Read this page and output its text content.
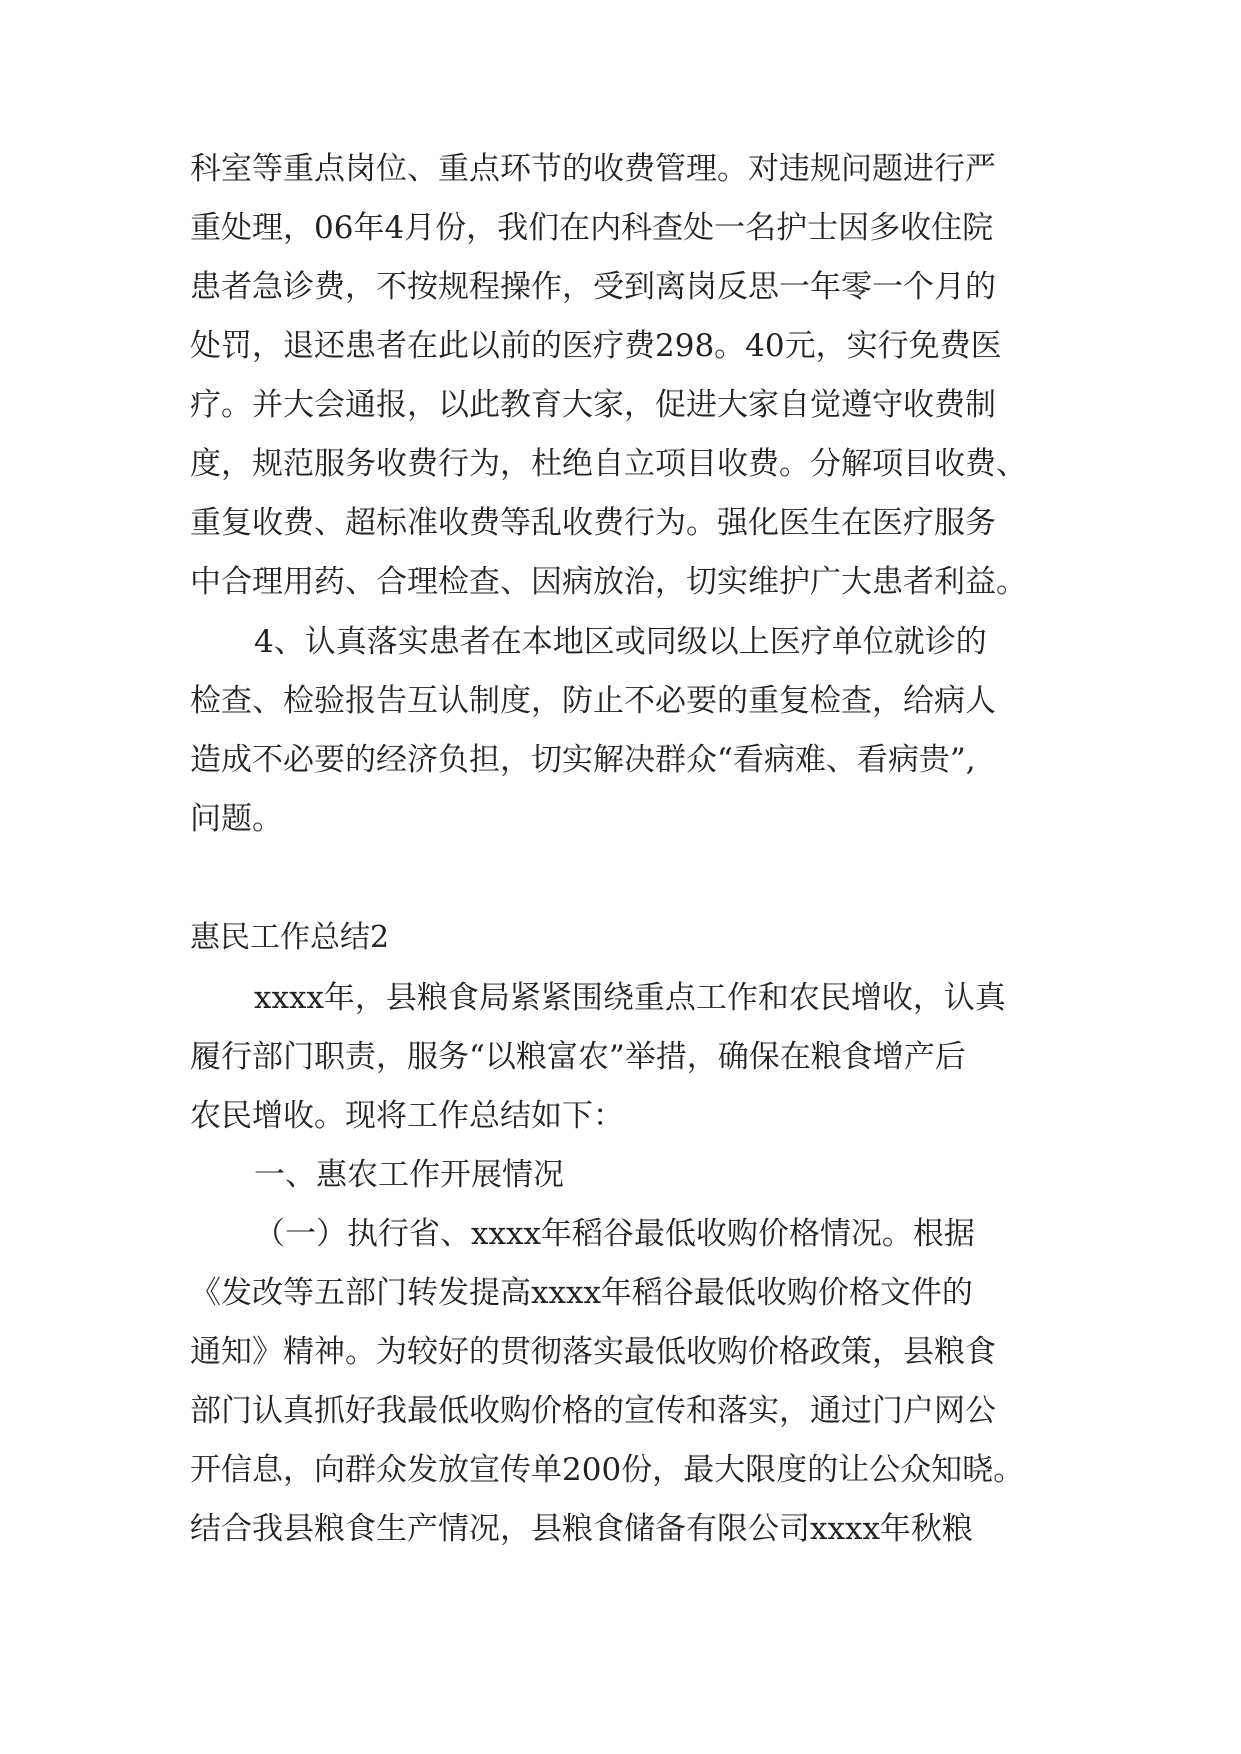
科室等重点岗位、重点环节的收费管理。对违规问题进行严
重处理，06年4月份，我们在内科查处一名护士因多收住院
患者急诊费，不按规程操作，受到离岗反思一年零一个月的
处罚，退还患者在此以前的医疗费298。40元，实行免费医
疗。并大会通报，以此教育大家，促进大家自觉遵守收费制
度，规范服务收费行为，杜绝自立项目收费。分解项目收费、
重复收费、超标准收费等乱收费行为。强化医生在医疗服务
中合理用药、合理检查、因病放治，切实维护广大患者利益。
4、认真落实患者在本地区或同级以上医疗单位就诊的
检查、检验报告互认制度，防止不必要的重复检查，给病人
造成不必要的经济负担，切实解决群众“看病难、看病贵”,
问题。
惠民工作总结2
xxxx年，县粮食局紧紧围绕重点工作和农民增收，认真
履行部门职责，服务“以粮富农”举措，确保在粮食增产后
农民增收。现将工作总结如下：
一、惠农工作开展情况
（一）执行省、xxxx年稻谷最低收购价格情况。根据
《发改等五部门转发提高xxxx年稻谷最低收购价格文件的
通知》精神。为较好的贯彻落实最低收购价格政策，县粮食
部门认真抓好我最低收购价格的宣传和落实，通过门户网公
开信息，向群众发放宣传单200份，最大限度的让公众知晓。
结合我县粮食生产情况，县粮食储备有限公司xxxx年秋粮
